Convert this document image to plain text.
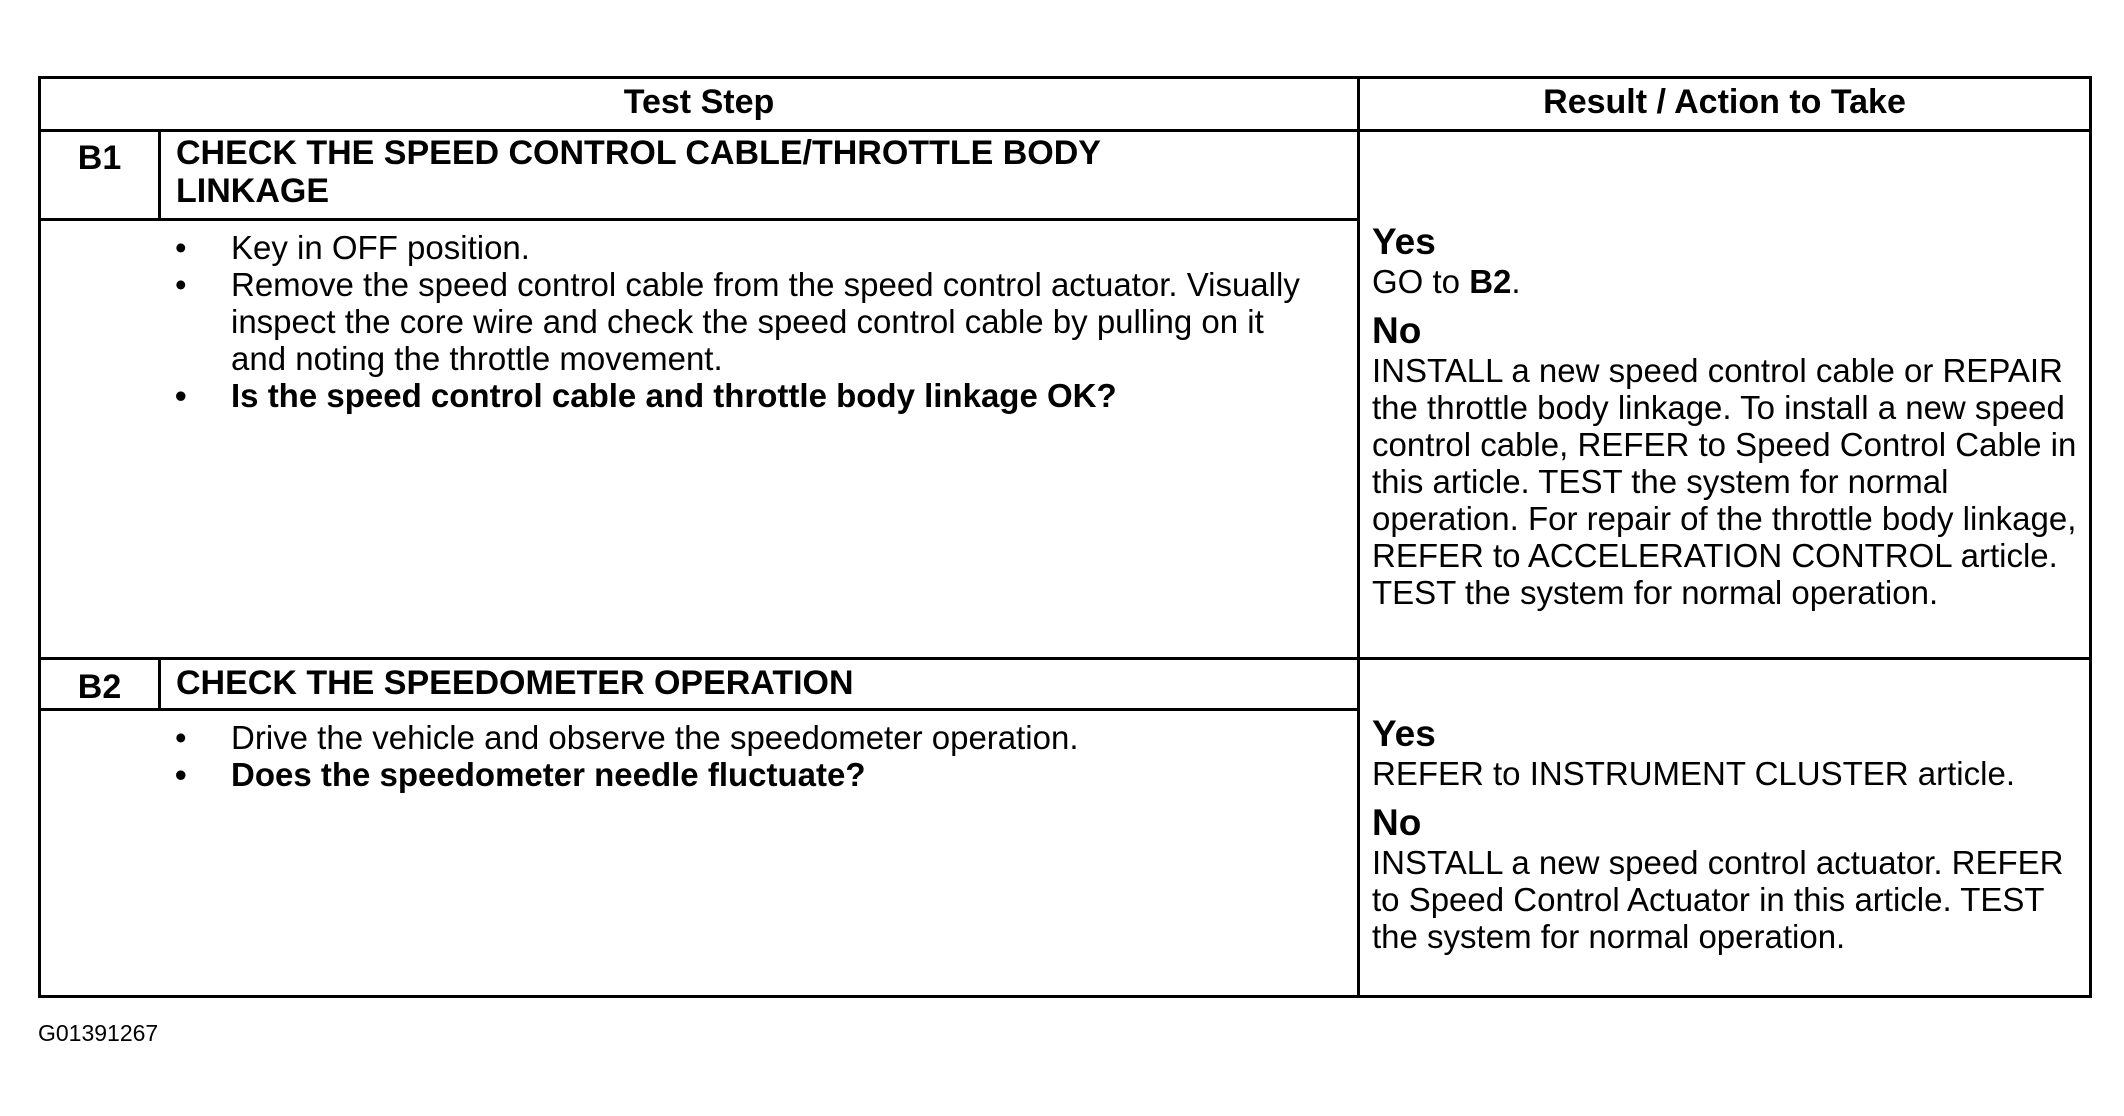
Test Step	Result / Action to Take
B1	CHECK THE SPEED CONTROL CABLE/THROTTLE BODY LINKAGE
• Key in OFF position.
• Remove the speed control cable from the speed control actuator. Visually inspect the core wire and check the speed control cable by pulling on it and noting the throttle movement.
• Is the speed control cable and throttle body linkage OK?
Yes
GO to B2.
No
INSTALL a new speed control cable or REPAIR the throttle body linkage. To install a new speed control cable, REFER to Speed Control Cable in this article. TEST the system for normal operation. For repair of the throttle body linkage, REFER to ACCELERATION CONTROL article. TEST the system for normal operation.
B2	CHECK THE SPEEDOMETER OPERATION
• Drive the vehicle and observe the speedometer operation.
• Does the speedometer needle fluctuate?
Yes
REFER to INSTRUMENT CLUSTER article.
No
INSTALL a new speed control actuator. REFER to Speed Control Actuator in this article. TEST the system for normal operation.
G01391267
